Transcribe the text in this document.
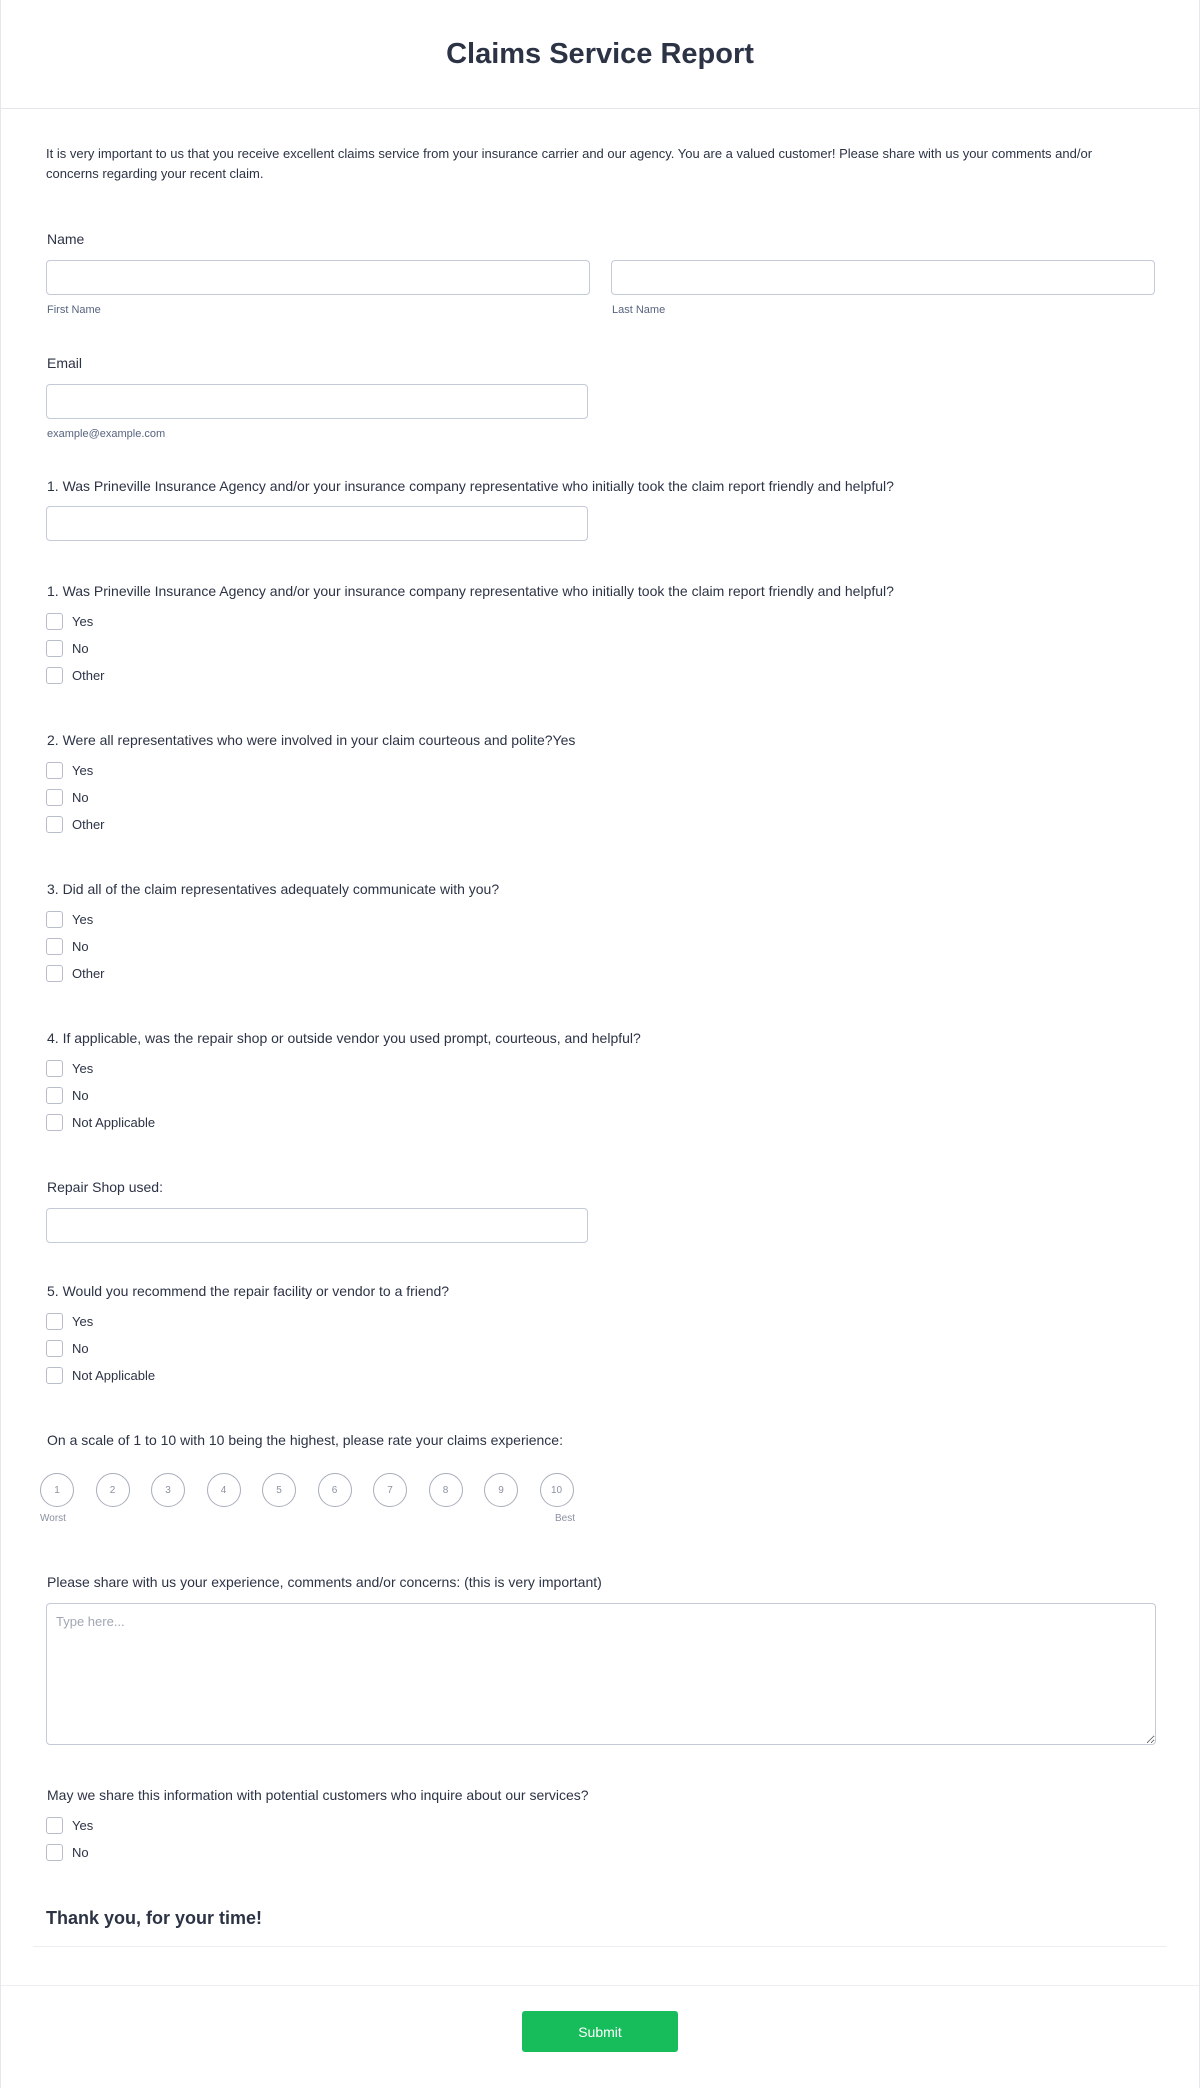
Claims Service Report

It is very important to us that you receive excellent claims service from your insurance carrier and our agency. You are a valued customer! Please share with us your comments and/or concerns regarding your recent claim.

Name
First Name	Last Name
Email
example@example.com
1. Was Prineville Insurance Agency and/or your insurance company representative who initially took the claim report friendly and helpful?
1. Was Prineville Insurance Agency and/or your insurance company representative who initially took the claim report friendly and helpful?
Yes
No
Other
2. Were all representatives who were involved in your claim courteous and polite?Yes
Yes
No
Other
3. Did all of the claim representatives adequately communicate with you?
Yes
No
Other
4. If applicable, was the repair shop or outside vendor you used prompt, courteous, and helpful?
Yes
No
Not Applicable
Repair Shop used:
5. Would you recommend the repair facility or vendor to a friend?
Yes
No
Not Applicable
On a scale of 1 to 10 with 10 being the highest, please rate your claims experience:
1	2	3	4	5	6	7	8	9	10
Worst	Best
Please share with us your experience, comments and/or concerns: (this is very important)
Type here...
May we share this information with potential customers who inquire about our services?
Yes
No
Thank you, for your time!
Submit
